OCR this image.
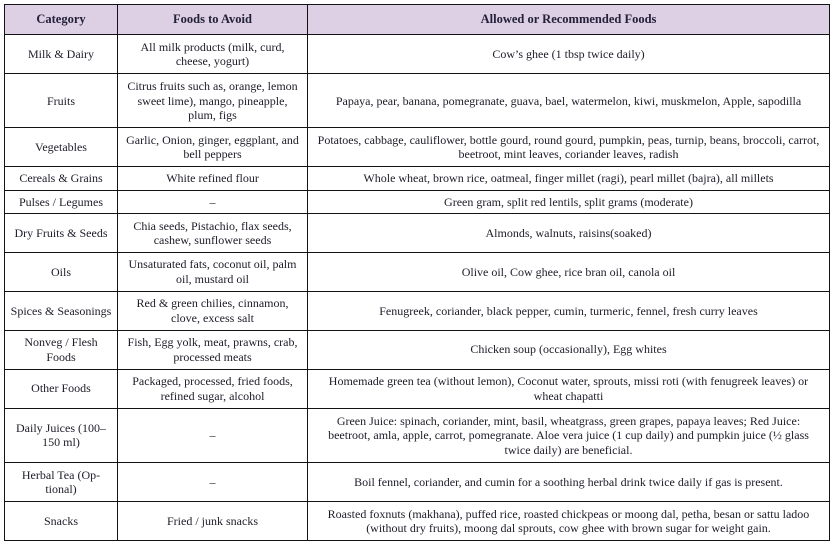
Category	Foods to Avoid	Allowed or Recommended Foods
Milk & Dairy	All milk products (milk, curd, cheese, yogurt)	Cow’s ghee (1 tbsp twice daily)
Fruits	Citrus fruits such as, orange, lemon sweet lime), mango, pineapple, plum, figs	Papaya, pear, banana, pomegranate, guava, bael, watermelon, kiwi, muskmelon, Apple, sapodilla
Vegetables	Garlic, Onion, ginger, eggplant, and bell peppers	Potatoes, cabbage, cauliflower, bottle gourd, round gourd, pumpkin, peas, turnip, beans, broccoli, carrot, beetroot, mint leaves, coriander leaves, radish
Cereals & Grains	White refined flour	Whole wheat, brown rice, oatmeal, finger millet (ragi), pearl millet (bajra), all millets
Pulses / Legumes	–	Green gram, split red lentils, split grams (moderate)
Dry Fruits & Seeds	Chia seeds, Pistachio, flax seeds, cashew, sunflower seeds	Almonds, walnuts, raisins(soaked)
Oils	Unsaturated fats, coconut oil, palm oil, mustard oil	Olive oil, Cow ghee, rice bran oil, canola oil
Spices & Seasonings	Red & green chilies, cinnamon, clove, excess salt	Fenugreek, coriander, black pepper, cumin, turmeric, fennel, fresh curry leaves
Nonveg / Flesh Foods	Fish, Egg yolk, meat, prawns, crab, processed meats	Chicken soup (occasionally), Egg whites
Other Foods	Packaged, processed, fried foods, refined sugar, alcohol	Homemade green tea (without lemon), Coconut water, sprouts, missi roti (with fenugreek leaves) or wheat chapatti
Daily Juices (100–150 ml)	–	Green Juice: spinach, coriander, mint, basil, wheatgrass, green grapes, papaya leaves; Red Juice: beetroot, amla, apple, carrot, pomegranate. Aloe vera juice (1 cup daily) and pumpkin juice (½ glass twice daily) are beneficial.
Herbal Tea (Optional)	–	Boil fennel, coriander, and cumin for a soothing herbal drink twice daily if gas is present.
Snacks	Fried / junk snacks	Roasted foxnuts (makhana), puffed rice, roasted chickpeas or moong dal, petha, besan or sattu ladoo (without dry fruits), moong dal sprouts, cow ghee with brown sugar for weight gain.
